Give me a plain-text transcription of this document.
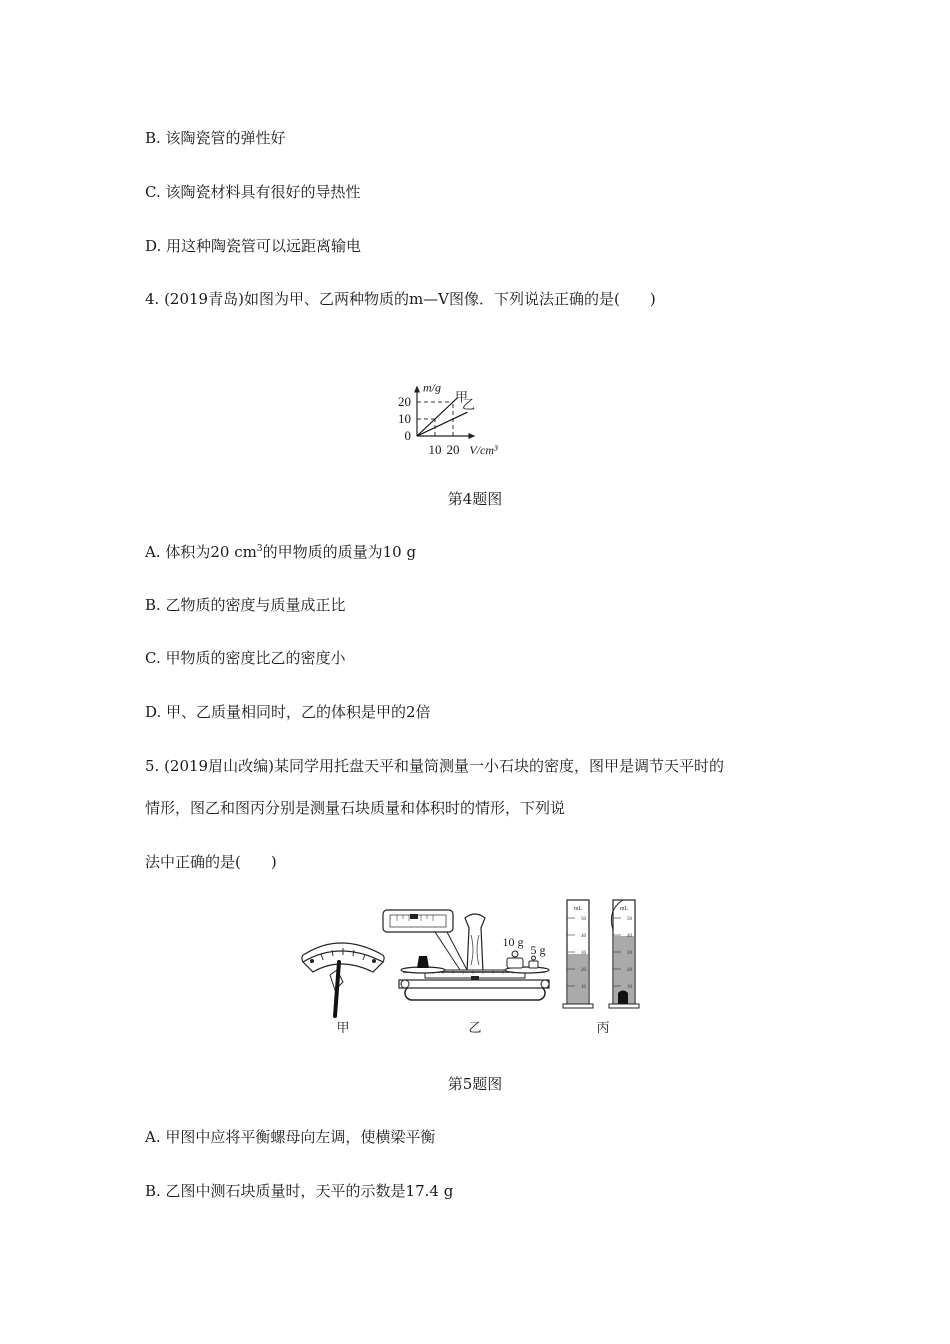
B. 该陶瓷管的弹性好
C. 该陶瓷材料具有很好的导热性
D. 用这种陶瓷管可以远距离输电
4. (2019青岛)如图为甲、乙两种物质的m—V图像．下列说法正确的是(　　)
10 20
0
10
20
V/cm³
m/g
甲
乙
第4题图
A. 体积为20 $cm^3$的甲物质的质量为10 g
B. 乙物质的密度与质量成正比
C. 甲物质的密度比乙的密度小
D. 甲、乙质量相同时，乙的体积是甲的2倍
5. (2019眉山改编)某同学用托盘天平和量筒测量一小石块的密度，图甲是调节天平时的
情形，图乙和图丙分别是测量石块质量和体积时的情形，下列说
法中正确的是(　　)
甲
10 g
5 g
乙
mL
50
40
30
20
10
mL
50
40
30
20
10
丙
第5题图
A. 甲图中应将平衡螺母向左调，使横梁平衡
B. 乙图中测石块质量时，天平的示数是17.4 g
